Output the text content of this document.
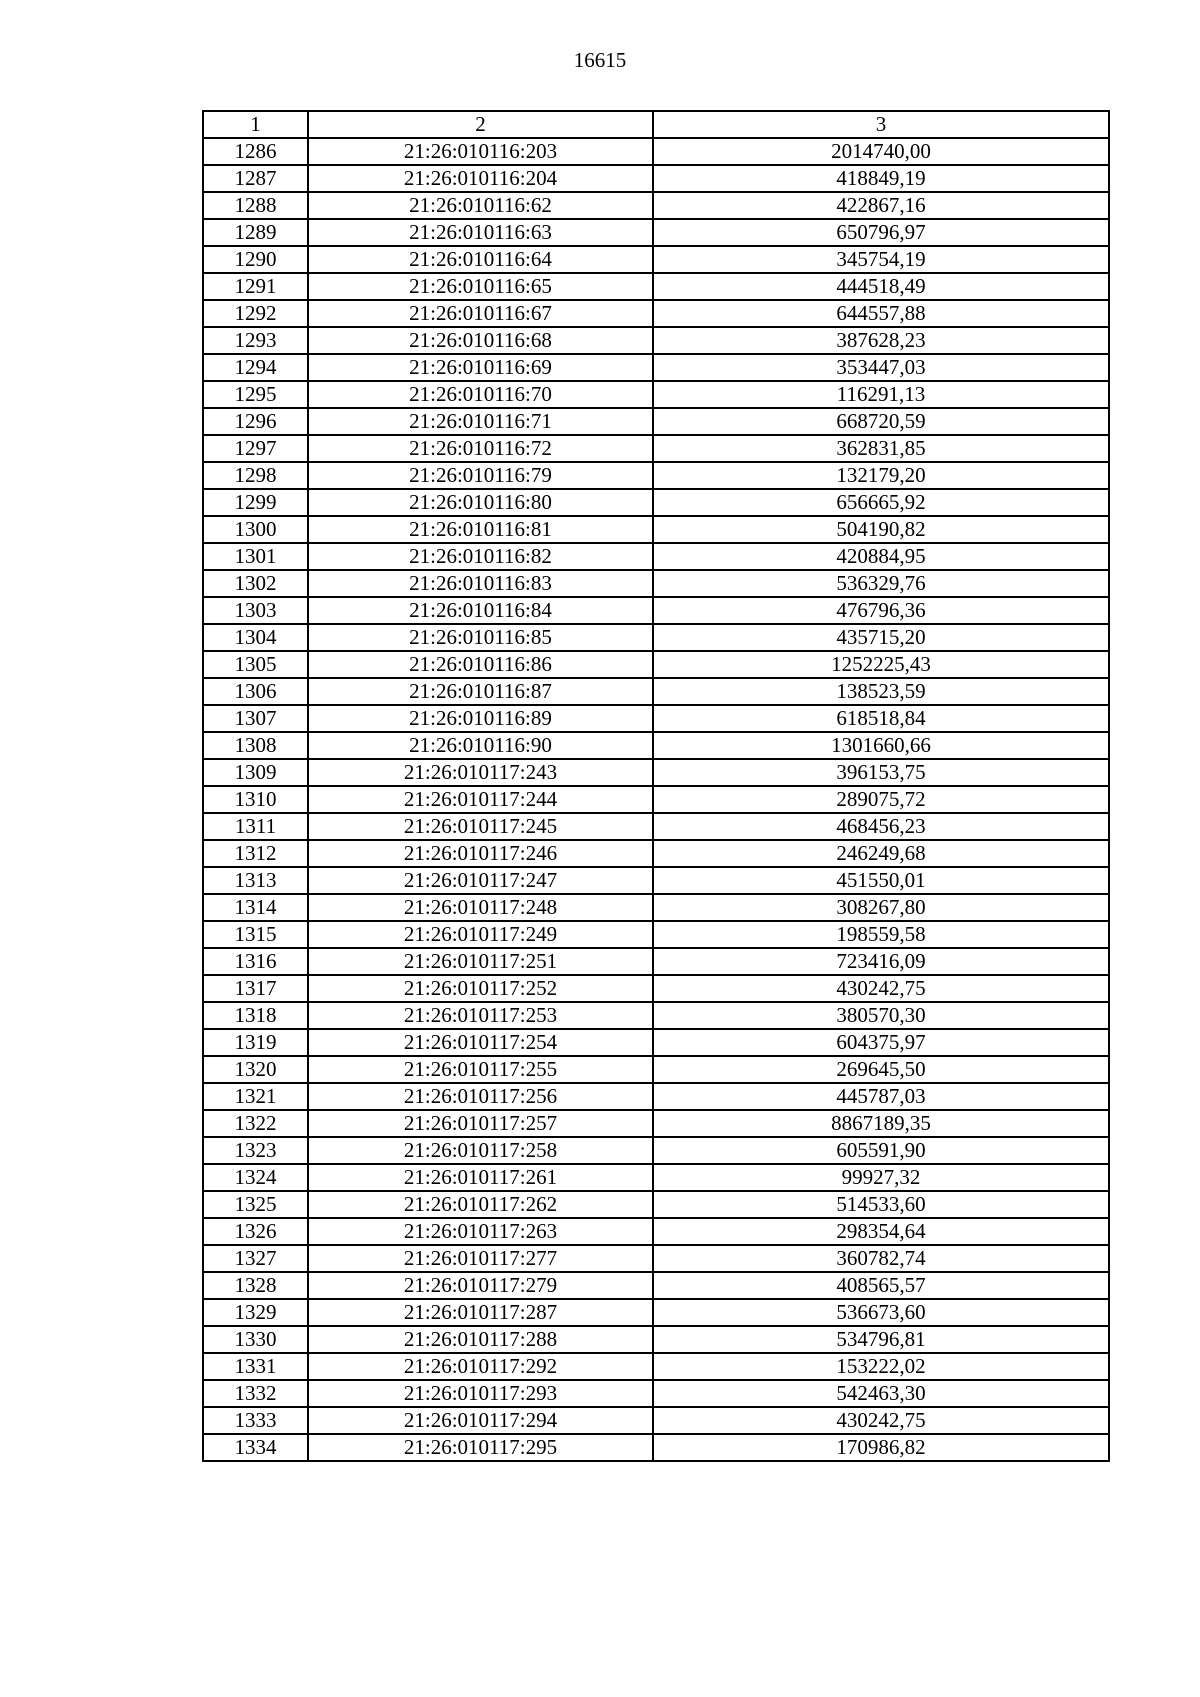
16615
1	2	3
1286	21:26:010116:203	2014740,00
1287	21:26:010116:204	418849,19
1288	21:26:010116:62	422867,16
1289	21:26:010116:63	650796,97
1290	21:26:010116:64	345754,19
1291	21:26:010116:65	444518,49
1292	21:26:010116:67	644557,88
1293	21:26:010116:68	387628,23
1294	21:26:010116:69	353447,03
1295	21:26:010116:70	116291,13
1296	21:26:010116:71	668720,59
1297	21:26:010116:72	362831,85
1298	21:26:010116:79	132179,20
1299	21:26:010116:80	656665,92
1300	21:26:010116:81	504190,82
1301	21:26:010116:82	420884,95
1302	21:26:010116:83	536329,76
1303	21:26:010116:84	476796,36
1304	21:26:010116:85	435715,20
1305	21:26:010116:86	1252225,43
1306	21:26:010116:87	138523,59
1307	21:26:010116:89	618518,84
1308	21:26:010116:90	1301660,66
1309	21:26:010117:243	396153,75
1310	21:26:010117:244	289075,72
1311	21:26:010117:245	468456,23
1312	21:26:010117:246	246249,68
1313	21:26:010117:247	451550,01
1314	21:26:010117:248	308267,80
1315	21:26:010117:249	198559,58
1316	21:26:010117:251	723416,09
1317	21:26:010117:252	430242,75
1318	21:26:010117:253	380570,30
1319	21:26:010117:254	604375,97
1320	21:26:010117:255	269645,50
1321	21:26:010117:256	445787,03
1322	21:26:010117:257	8867189,35
1323	21:26:010117:258	605591,90
1324	21:26:010117:261	99927,32
1325	21:26:010117:262	514533,60
1326	21:26:010117:263	298354,64
1327	21:26:010117:277	360782,74
1328	21:26:010117:279	408565,57
1329	21:26:010117:287	536673,60
1330	21:26:010117:288	534796,81
1331	21:26:010117:292	153222,02
1332	21:26:010117:293	542463,30
1333	21:26:010117:294	430242,75
1334	21:26:010117:295	170986,82
